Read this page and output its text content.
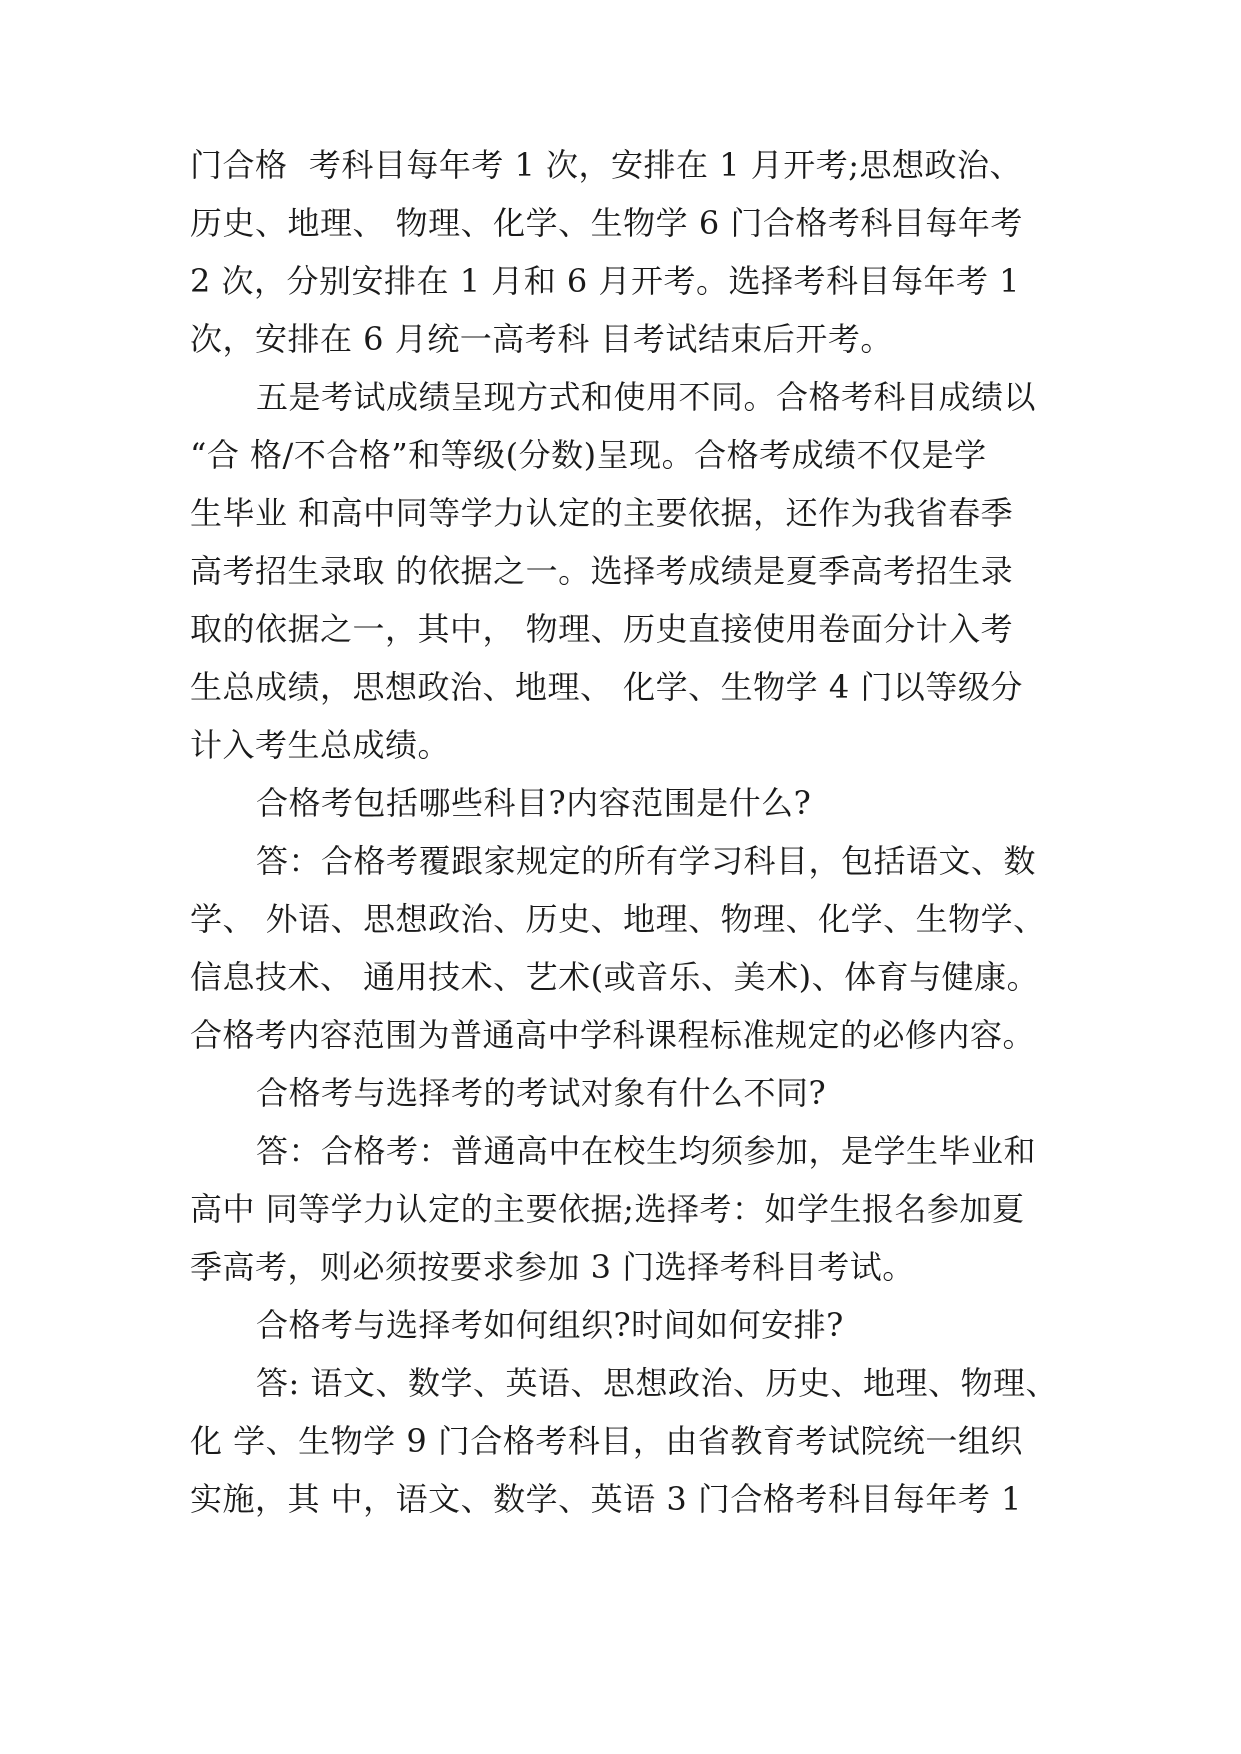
门合格  考科目每年考 1 次，安排在 1 月开考;思想政治、
历史、地理、 物理、化学、生物学 6 门合格考科目每年考
2 次，分别安排在 1 月和 6 月开考。选择考科目每年考 1
次，安排在 6 月统一高考科 目考试结束后开考。
五是考试成绩呈现方式和使用不同。合格考科目成绩以
“合 格/不合格”和等级(分数)呈现。合格考成绩不仅是学
生毕业 和高中同等学力认定的主要依据，还作为我省春季
高考招生录取 的依据之一。选择考成绩是夏季高考招生录
取的依据之一，其中， 物理、历史直接使用卷面分计入考
生总成绩，思想政治、地理、 化学、生物学 4 门以等级分
计入考生总成绩。
合格考包括哪些科目?内容范围是什么?
答：合格考覆跟家规定的所有学习科目，包括语文、数
学、 外语、思想政治、历史、地理、物理、化学、生物学、
信息技术、 通用技术、艺术(或音乐、美术)、体育与健康。
合格考内容范围为普通高中学科课程标准规定的必修内容。
合格考与选择考的考试对象有什么不同?
答：合格考：普通高中在校生均须参加，是学生毕业和
高中 同等学力认定的主要依据;选择考：如学生报名参加夏
季高考，则必须按要求参加 3 门选择考科目考试。
合格考与选择考如何组织?时间如何安排?
答: 语文、数学、英语、思想政治、历史、地理、物理、
化 学、生物学 9 门合格考科目，由省教育考试院统一组织
实施，其 中，语文、数学、英语 3 门合格考科目每年考 1
